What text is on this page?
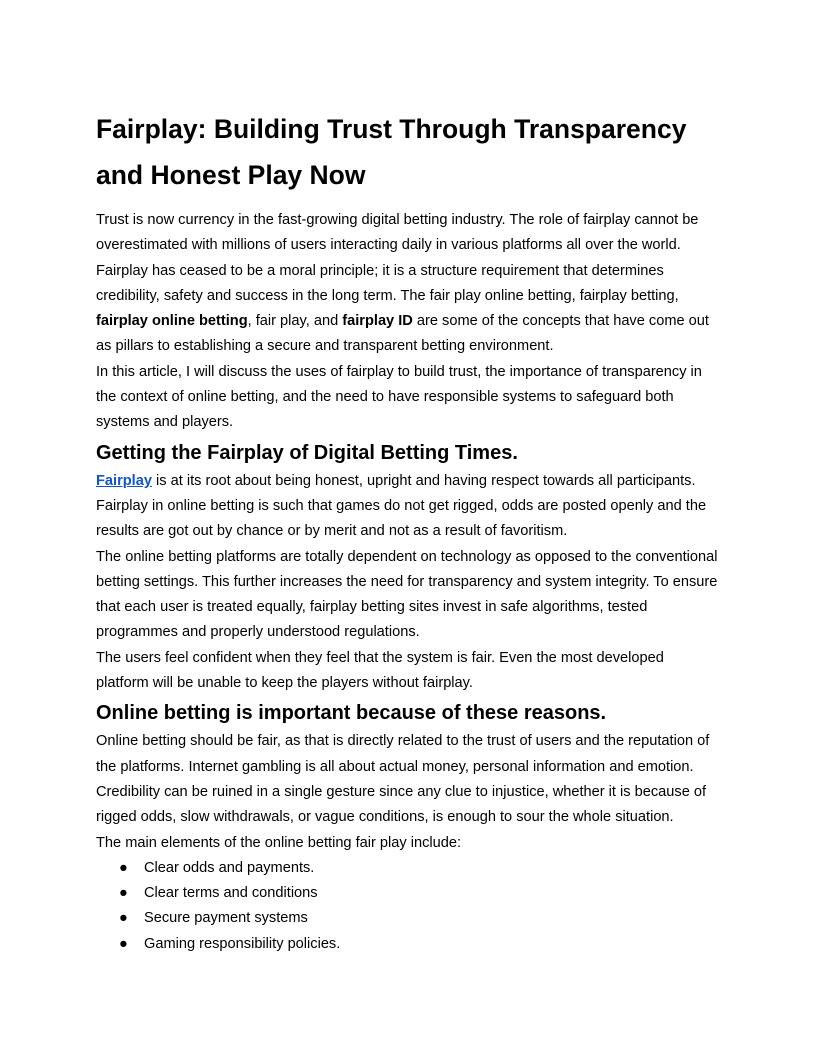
Fairplay: Building Trust Through Transparency and Honest Play Now

Trust is now currency in the fast-growing digital betting industry. The role of fairplay cannot be overestimated with millions of users interacting daily in various platforms all over the world. Fairplay has ceased to be a moral principle; it is a structure requirement that determines credibility, safety and success in the long term. The fair play online betting, fairplay betting, fairplay online betting, fair play, and fairplay ID are some of the concepts that have come out as pillars to establishing a secure and transparent betting environment.

In this article, I will discuss the uses of fairplay to build trust, the importance of transparency in the context of online betting, and the need to have responsible systems to safeguard both systems and players.

Getting the Fairplay of Digital Betting Times.

Fairplay is at its root about being honest, upright and having respect towards all participants. Fairplay in online betting is such that games do not get rigged, odds are posted openly and the results are got out by chance or by merit and not as a result of favoritism.

The online betting platforms are totally dependent on technology as opposed to the conventional betting settings. This further increases the need for transparency and system integrity. To ensure that each user is treated equally, fairplay betting sites invest in safe algorithms, tested programmes and properly understood regulations.

The users feel confident when they feel that the system is fair. Even the most developed platform will be unable to keep the players without fairplay.

Online betting is important because of these reasons.

Online betting should be fair, as that is directly related to the trust of users and the reputation of the platforms. Internet gambling is all about actual money, personal information and emotion. Credibility can be ruined in a single gesture since any clue to injustice, whether it is because of rigged odds, slow withdrawals, or vague conditions, is enough to sour the whole situation.

The main elements of the online betting fair play include:

● Clear odds and payments.
● Clear terms and conditions
● Secure payment systems
● Gaming responsibility policies.
